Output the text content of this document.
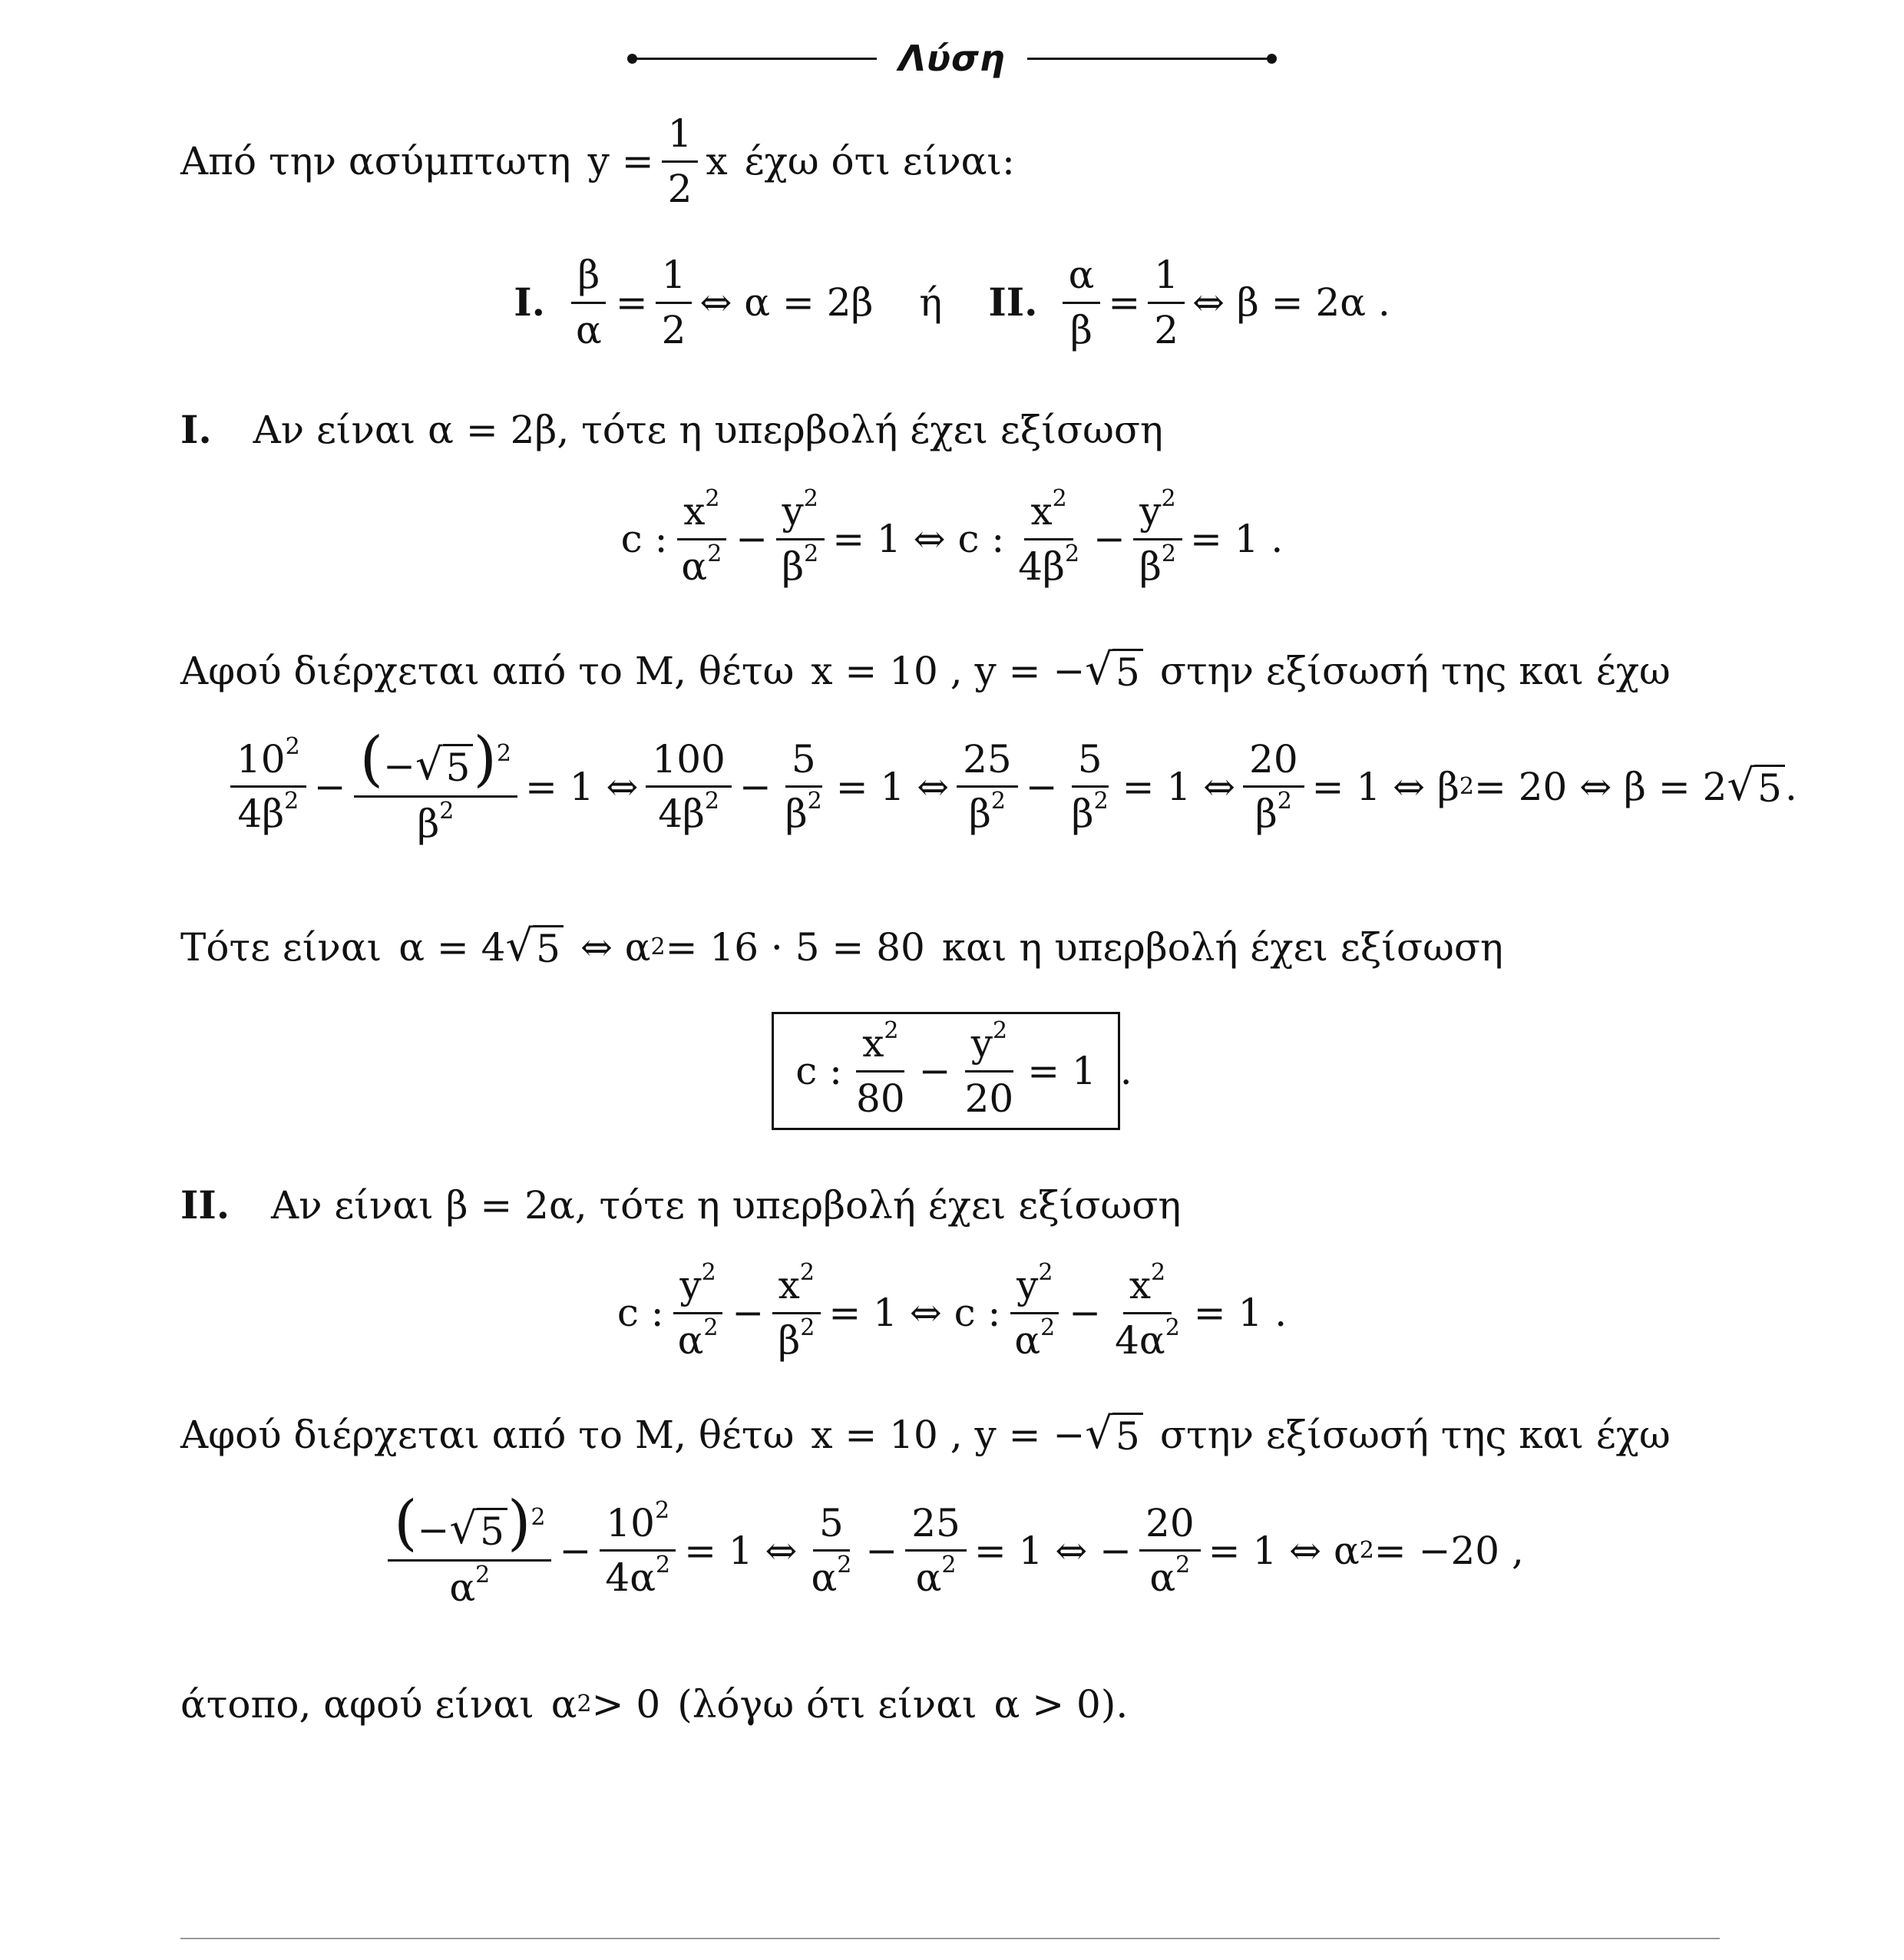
Λύση
Από την ασύμπτωτη $y = \frac{1}{2}$ x έχω ότι είναι:
I. $\frac{\beta}{\alpha} = \frac{1}{2}$ ⇔ α = 2β ή II. $\frac{\alpha}{\beta} = \frac{1}{2}$ ⇔ β = 2α .
I. Αν είναι α = 2β, τότε η υπερβολή έχει εξίσωση
c : $\frac{x^2}{\alpha^2} - \frac{y^2}{\beta^2} = 1$ ⇔ c : $\frac{x^2}{4\beta^2} - \frac{y^2}{\beta^2} = 1$ .
Αφού διέρχεται από το Μ, θέτω x = 10 , y = − √ 5 στην εξίσωσή της και έχω
$\frac{10^2}{4\beta^2} - \frac{(- √ 5 )^2}{\beta^2} = 1$ ⇔ $\frac{100}{4\beta^2} - \frac{5}{\beta^2} = 1$ ⇔ $\frac{25}{\beta^2} - \frac{5}{\beta^2} = 1$ ⇔ $\frac{20}{\beta^2} = 1$ ⇔ β 2 = 20 ⇔ β = 2 √ 5 .
Τότε είναι α = 4 √ 5 ⇔ α 2 = 16 · 5 = 80 και η υπερβολή έχει εξίσωση
c : $\frac{x^2}{80} - \frac{y^2}{20} = 1$ .
II. Αν είναι β = 2α, τότε η υπερβολή έχει εξίσωση
c : $\frac{y^2}{\alpha^2} - \frac{x^2}{\beta^2} = 1$ ⇔ c : $\frac{y^2}{\alpha^2} - \frac{x^2}{4\alpha^2} = 1$ .
Αφού διέρχεται από το Μ, θέτω x = 10 , y = − √ 5 στην εξίσωσή της και έχω
$\frac{(- √ 5 )^2}{\alpha^2} - \frac{10^2}{4\alpha^2} = 1$ ⇔ $\frac{5}{\alpha^2} - \frac{25}{\alpha^2} = 1$ ⇔ − $\frac{20}{\alpha^2} = 1$ ⇔ α 2 = −20 ,
άτοπο, αφού είναι α 2 > 0 (λόγω ότι είναι α > 0 ).
